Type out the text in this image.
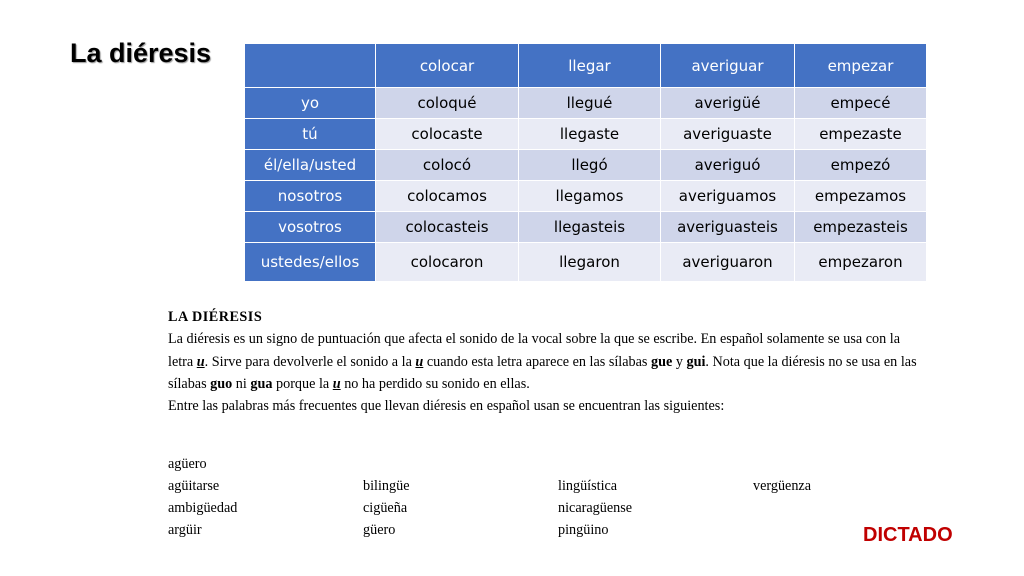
La diéresis
		colocar	llegar	averiguar	empezar
yo	coloqué	llegué	averigüé	empecé
tú	colocaste	llegaste	averiguaste	empezaste
él/ella/usted	colocó	llegó	averiguó	empezó
nosotros	colocamos	llegamos	averiguamos	empezamos
vosotros	colocasteis	llegasteis	averiguasteis	empezasteis
ustedes/ellos	colocaron	llegaron	averiguaron	empezaron

LA DIÉRESIS

La diéresis es un signo de puntuación que afecta el sonido de la vocal sobre la que se escribe. En español solamente se usa con la letra u. Sirve para devolverle el sonido a la u cuando esta letra aparece en las sílabas gue y gui. Nota que la diéresis no se usa en las sílabas guo ni gua porque la u no ha perdido su sonido en ellas.

Entre las palabras más frecuentes que llevan diéresis en español usan se encuentran las siguientes:

agüero
agüitarse	bilingüe	lingüística	vergüenza
ambigüedad	cigüeña	nicaragüense
argüir	güero	pingüino	DICTADO
